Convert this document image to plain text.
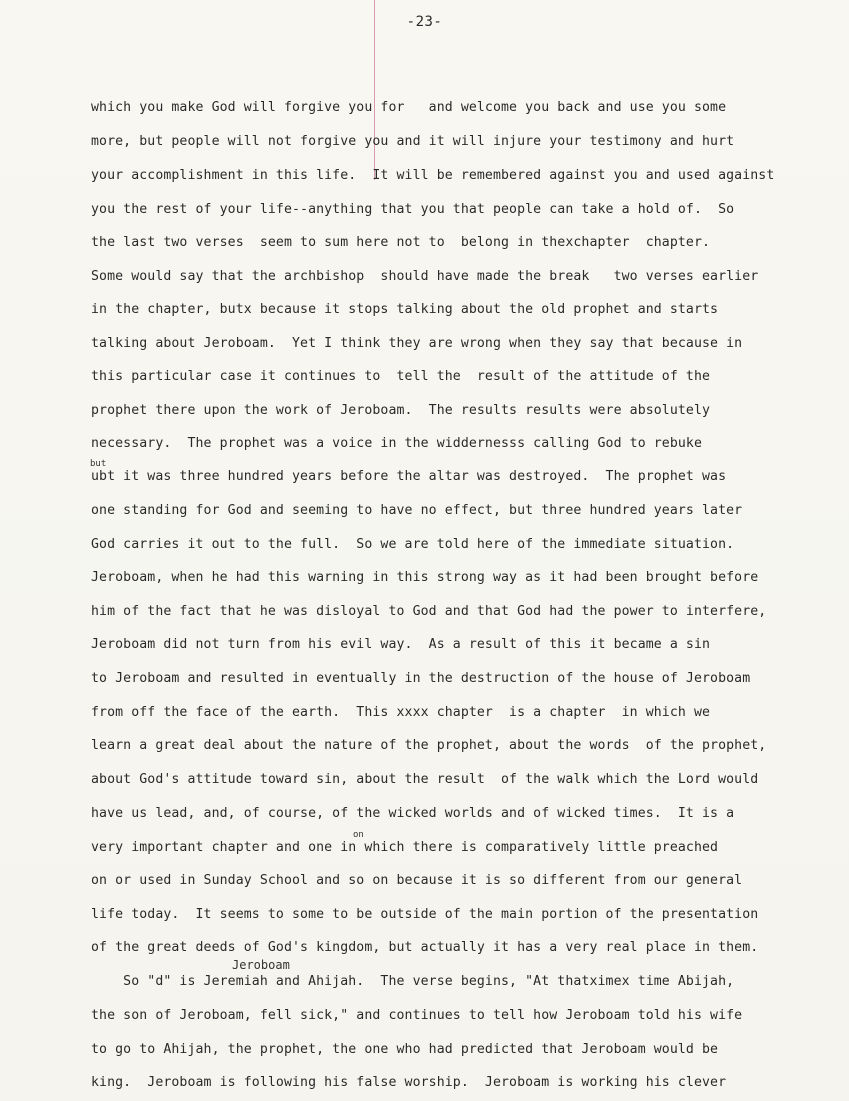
-23-
which you make God will forgive you for   and welcome you back and use you some
more, but people will not forgive you and it will injure your testimony and hurt
your accomplishment in this life.  It will be remembered against you and used against
you the rest of your life--anything that you that people can take a hold of.  So
the last two verses  seem to sum here not to  belong in thexchapter  chapter.
Some would say that the archbishop  should have made the break   two verses earlier
in the chapter, butx because it stops talking about the old prophet and starts
talking about Jeroboam.  Yet I think they are wrong when they say that because in
this particular case it continues to  tell the  result of the attitude of the
prophet there upon the work of Jeroboam.  The results results were absolutely
necessary.  The prophet was a voice in the widdernesss calling God to rebuke
ubt it was three hundred years before the altar was destroyed.  The prophet was
one standing for God and seeming to have no effect, but three hundred years later
God carries it out to the full.  So we are told here of the immediate situation.
Jeroboam, when he had this warning in this strong way as it had been brought before
him of the fact that he was disloyal to God and that God had the power to interfere,
Jeroboam did not turn from his evil way.  As a result of this it became a sin
to Jeroboam and resulted in eventually in the destruction of the house of Jeroboam
from off the face of the earth.  This xxxx chapter  is a chapter  in which we
learn a great deal about the nature of the prophet, about the words  of the prophet,
about God's attitude toward sin, about the result  of the walk which the Lord would
have us lead, and, of course, of the wicked worlds and of wicked times.  It is a
very important chapter and one in which there is comparatively little preached
on or used in Sunday School and so on because it is so different from our general
life today.  It seems to some to be outside of the main portion of the presentation
of the great deeds of God's kingdom, but actually it has a very real place in them.
So "d" is Jeremiah and Ahijah.  The verse begins, "At thatximex time Abijah,
the son of Jeroboam, fell sick," and continues to tell how Jeroboam told his wife
to go to Ahijah, the prophet, the one who had predicted that Jeroboam would be
king.  Jeroboam is following his false worship.  Jeroboam is working his clever
but
on
Jeroboam
